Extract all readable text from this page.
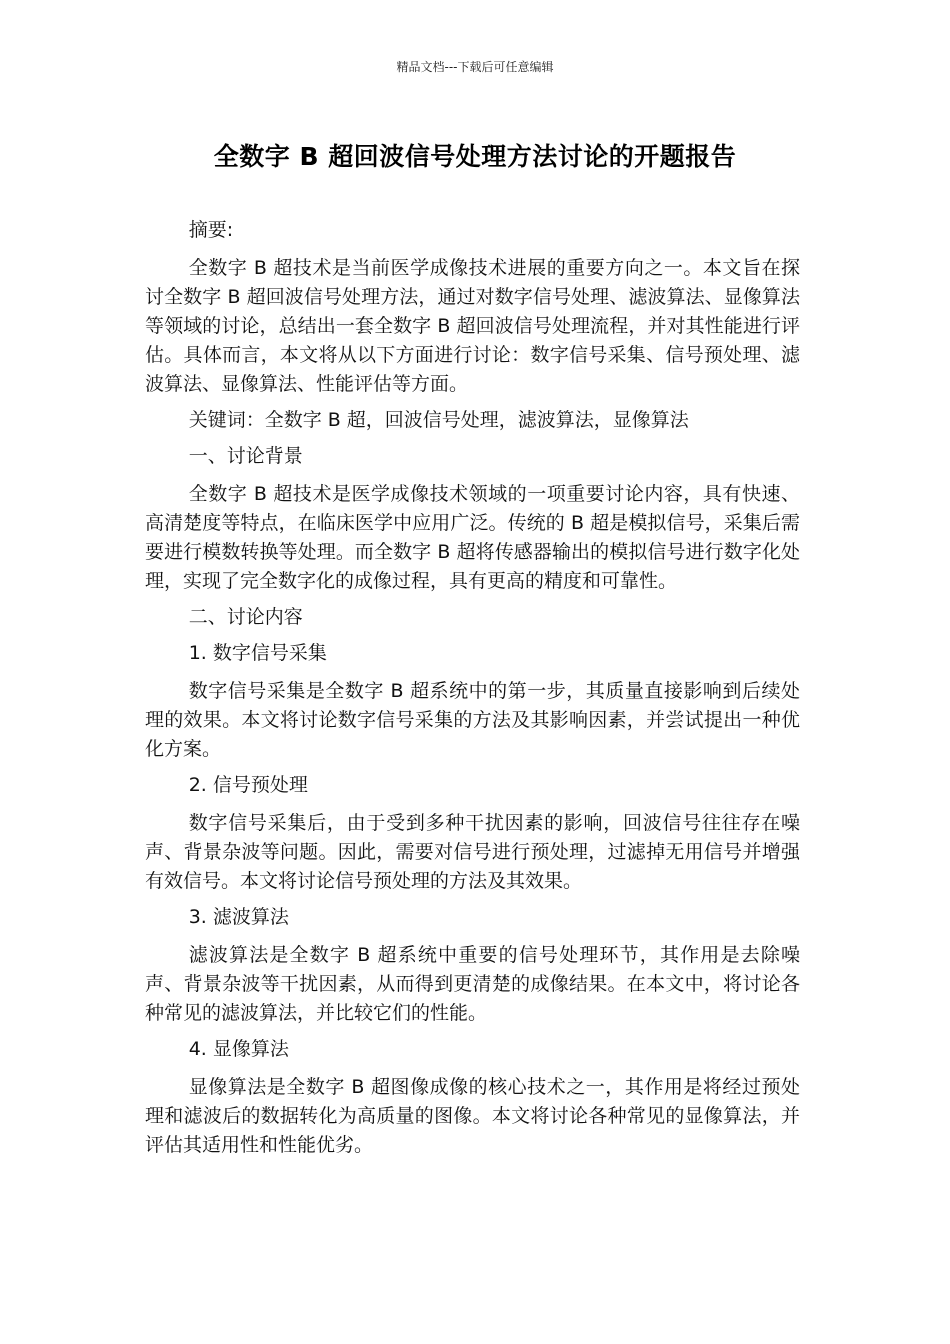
精品文档---下载后可任意编辑
全数字 B 超回波信号处理方法讨论的开题报告

摘要:

全数字 B 超技术是当前医学成像技术进展的重要方向之一。本文旨在探讨全数字 B 超回波信号处理方法，通过对数字信号处理、滤波算法、显像算法等领域的讨论，总结出一套全数字 B 超回波信号处理流程，并对其性能进行评估。具体而言，本文将从以下方面进行讨论：数字信号采集、信号预处理、滤波算法、显像算法、性能评估等方面。

关键词：全数字 B 超，回波信号处理，滤波算法，显像算法

一、讨论背景

全数字 B 超技术是医学成像技术领域的一项重要讨论内容，具有快速、高清楚度等特点，在临床医学中应用广泛。传统的 B 超是模拟信号，采集后需要进行模数转换等处理。而全数字 B 超将传感器输出的模拟信号进行数字化处理，实现了完全数字化的成像过程，具有更高的精度和可靠性。

二、讨论内容

1. 数字信号采集

数字信号采集是全数字 B 超系统中的第一步，其质量直接影响到后续处理的效果。本文将讨论数字信号采集的方法及其影响因素，并尝试提出一种优化方案。

2. 信号预处理

数字信号采集后，由于受到多种干扰因素的影响，回波信号往往存在噪声、背景杂波等问题。因此，需要对信号进行预处理，过滤掉无用信号并增强有效信号。本文将讨论信号预处理的方法及其效果。

3. 滤波算法

滤波算法是全数字 B 超系统中重要的信号处理环节，其作用是去除噪声、背景杂波等干扰因素，从而得到更清楚的成像结果。在本文中，将讨论各种常见的滤波算法，并比较它们的性能。

4. 显像算法

显像算法是全数字 B 超图像成像的核心技术之一，其作用是将经过预处理和滤波后的数据转化为高质量的图像。本文将讨论各种常见的显像算法，并评估其适用性和性能优劣。
